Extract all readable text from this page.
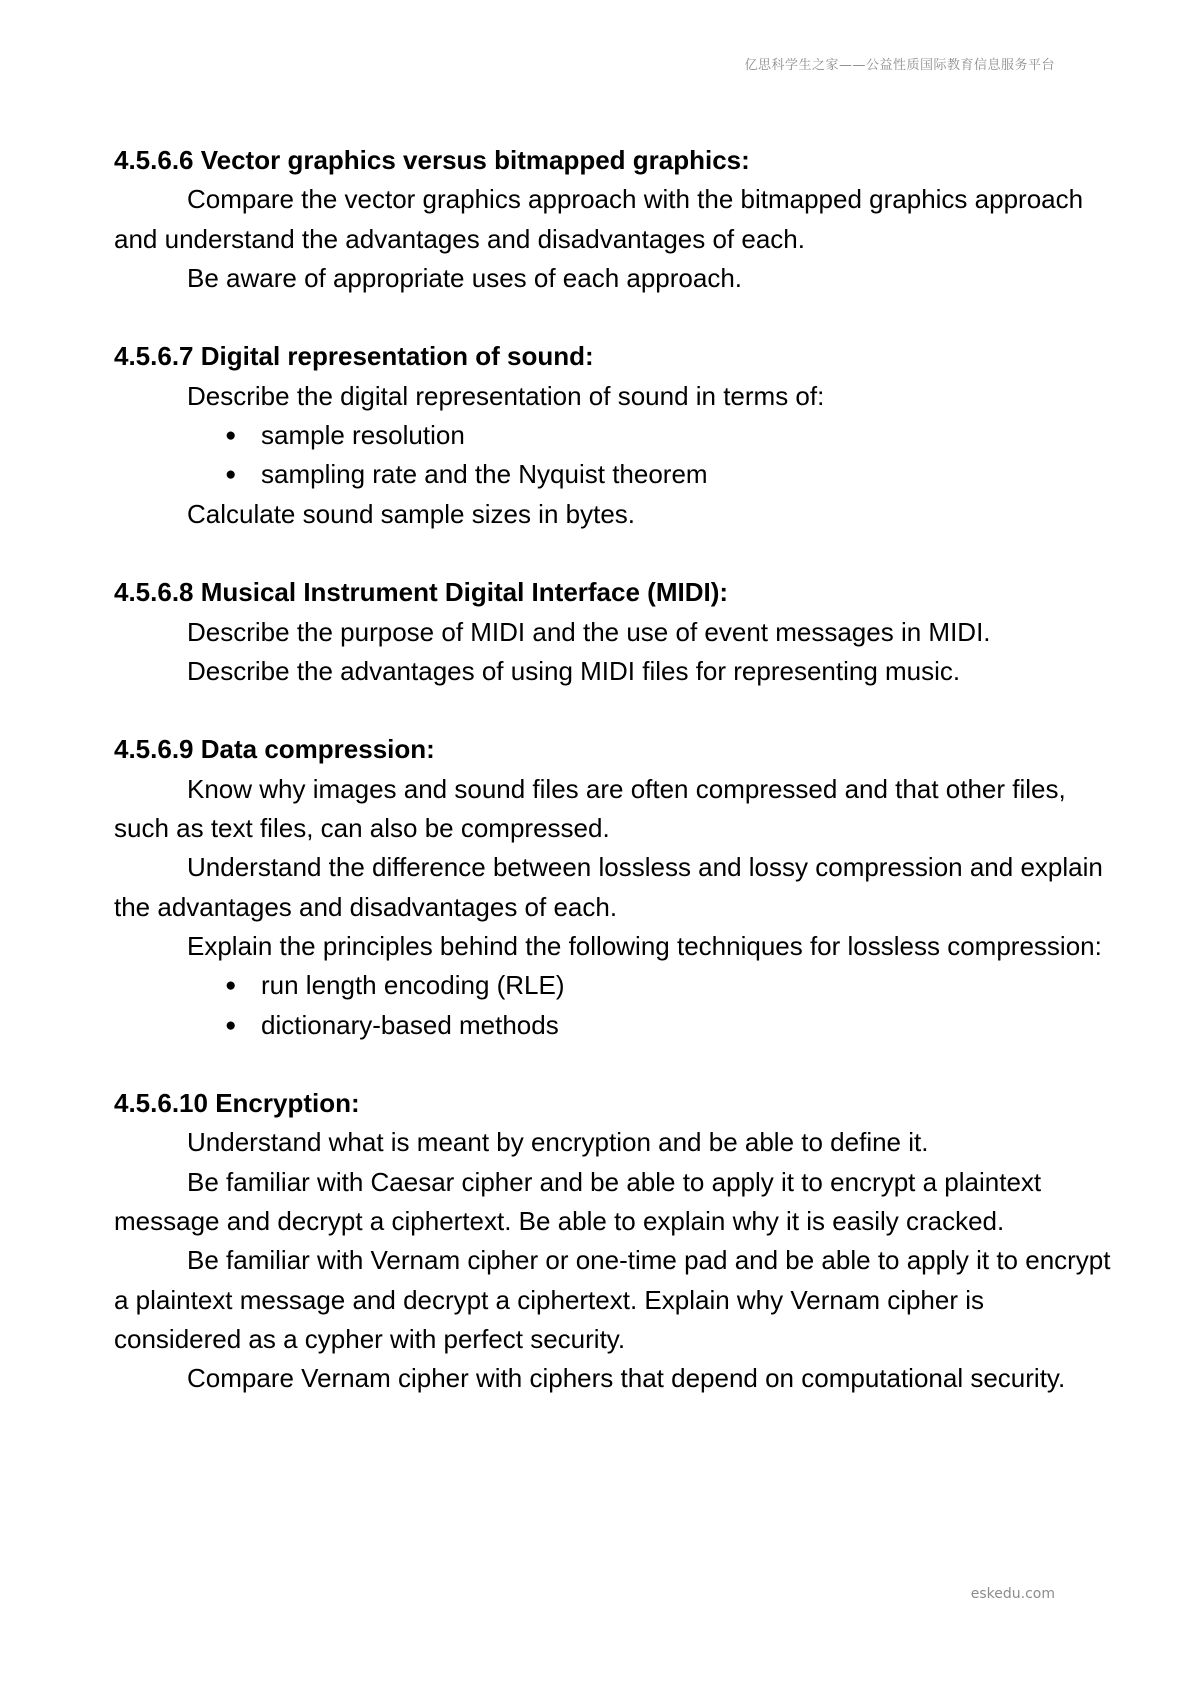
亿思科学生之家——公益性质国际教育信息服务平台

4.5.6.6 Vector graphics versus bitmapped graphics:

Compare the vector graphics approach with the bitmapped graphics approach and understand the advantages and disadvantages of each.

Be aware of appropriate uses of each approach.

4.5.6.7 Digital representation of sound:

Describe the digital representation of sound in terms of:

● sample resolution
● sampling rate and the Nyquist theorem

Calculate sound sample sizes in bytes.

4.5.6.8 Musical Instrument Digital Interface (MIDI):

Describe the purpose of MIDI and the use of event messages in MIDI.

Describe the advantages of using MIDI files for representing music.

4.5.6.9 Data compression:

Know why images and sound files are often compressed and that other files, such as text files, can also be compressed.

Understand the difference between lossless and lossy compression and explain the advantages and disadvantages of each.

Explain the principles behind the following techniques for lossless compression:

● run length encoding (RLE)
● dictionary-based methods

4.5.6.10 Encryption:

Understand what is meant by encryption and be able to define it.

Be familiar with Caesar cipher and be able to apply it to encrypt a plaintext message and decrypt a ciphertext. Be able to explain why it is easily cracked.

Be familiar with Vernam cipher or one-time pad and be able to apply it to encrypt a plaintext message and decrypt a ciphertext. Explain why Vernam cipher is considered as a cypher with perfect security.

Compare Vernam cipher with ciphers that depend on computational security.

eskedu.com
